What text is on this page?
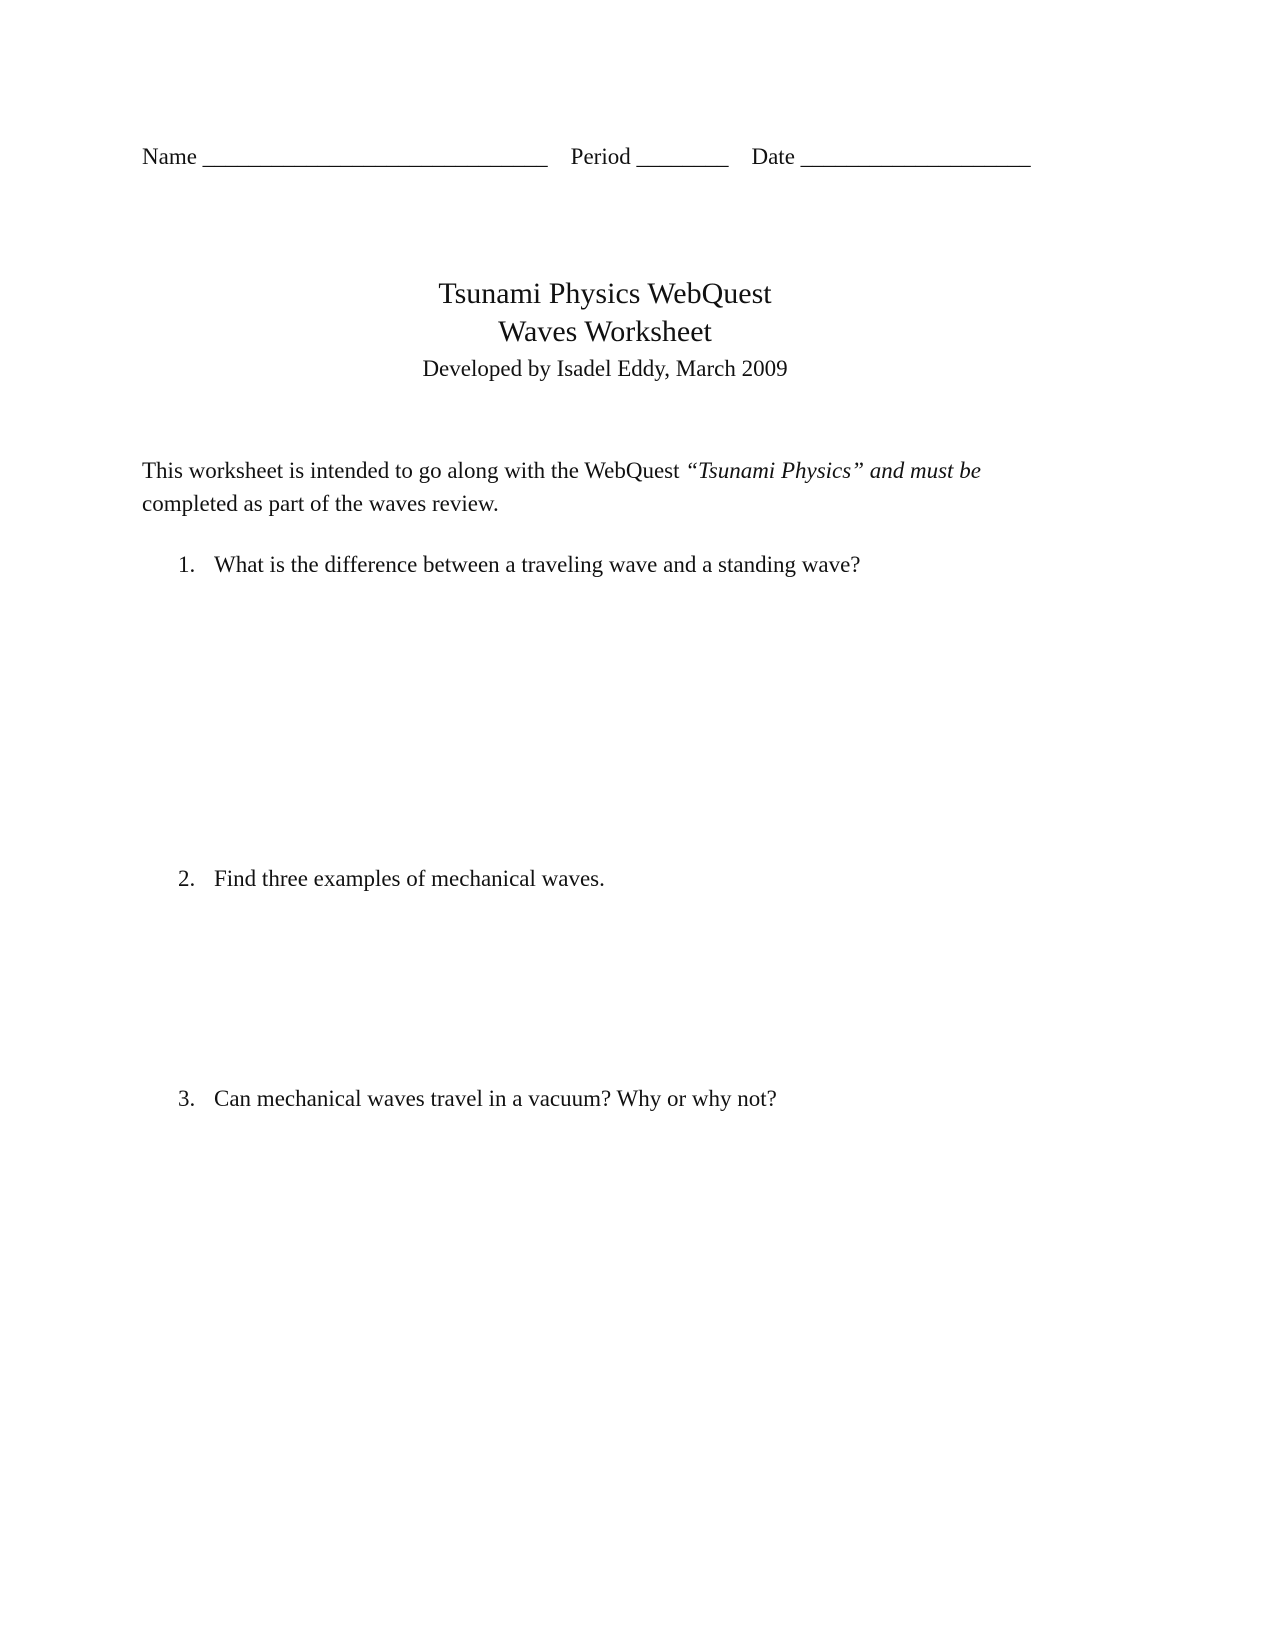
Name ______________________________ Period ________ Date ____________________
Tsunami Physics WebQuest
Waves Worksheet
Developed by Isadel Eddy, March 2009
This worksheet is intended to go along with the WebQuest “Tsunami Physics” and must be completed as part of the waves review.
1. What is the difference between a traveling wave and a standing wave?
2. Find three examples of mechanical waves.
3. Can mechanical waves travel in a vacuum? Why or why not?
